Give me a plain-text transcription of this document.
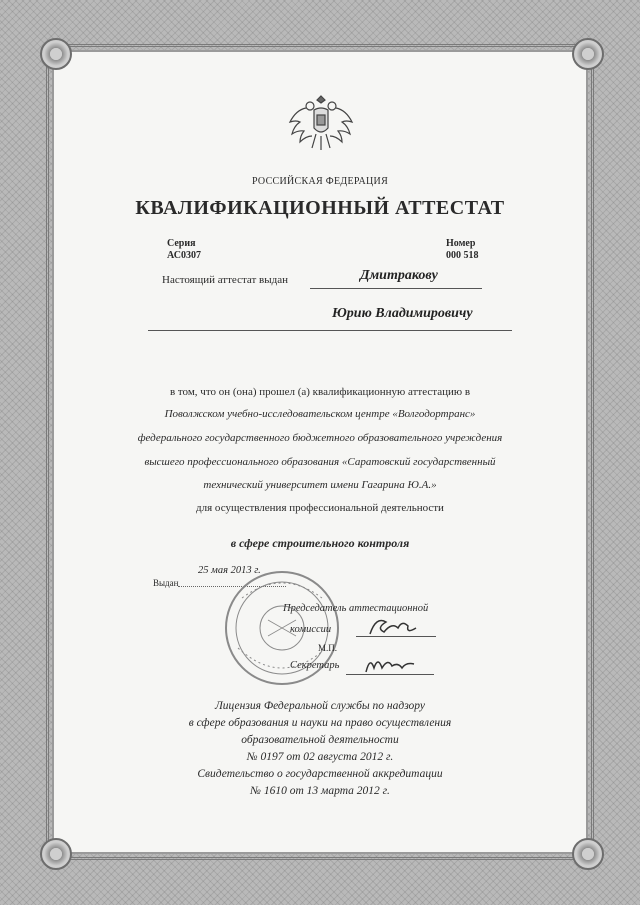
РОССИЙСКАЯ ФЕДЕРАЦИЯ
КВАЛИФИКАЦИОННЫЙ АТТЕСТАТ
Серия
АС0307
Номер
000 518
Настоящий аттестат выдан	Дмитракову
Юрию Владимировичу
в том, что он (она) прошел (а) квалификационную аттестацию в
Поволжском учебно-исследовательском центре «Волгодортранс»
федерального государственного бюджетного образовательного учреждения
высшего профессионального образования «Саратовский государственный
технический университет имени Гагарина Ю.А.»
для осуществления профессиональной деятельности
в сфере строительного контроля
25 мая 2013 г.
Выдан
Председатель аттестационной
комиссии
М.П.
Секретарь
Лицензия Федеральной службы по надзору
в сфере образования и науки на право осуществления
образовательной деятельности
№ 0197 от 02 августа 2012 г.
Свидетельство о государственной аккредитации
№ 1610 от 13 марта 2012 г.
